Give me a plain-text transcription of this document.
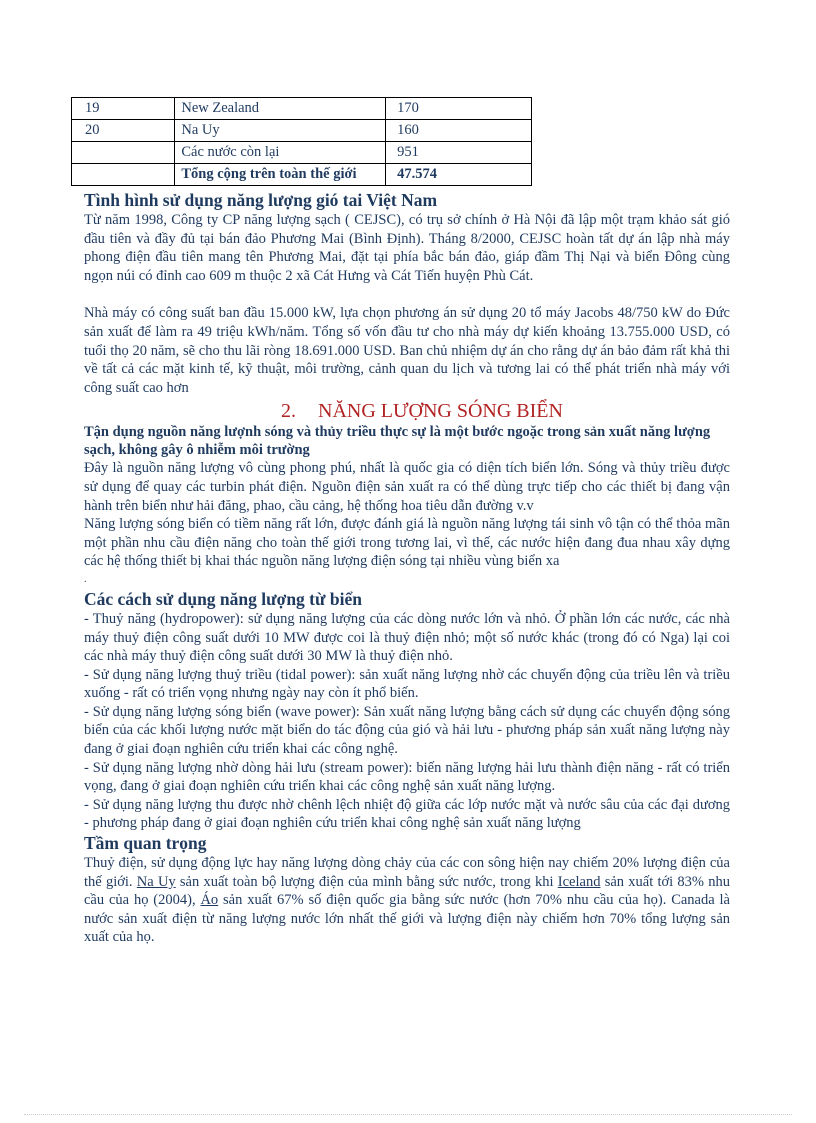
19	New Zealand	170
20	Na Uy	160
	Các nước còn lại	951
	Tổng cộng trên toàn thế giới	47.574
Tình hình sử dụng năng lượng gió tai Việt Nam

Từ năm 1998, Công ty CP năng lượng sạch ( CEJSC), có trụ sở chính ở Hà Nội đã lập một trạm khảo sát gió đầu tiên và đầy đủ tại bán đảo Phương Mai (Bình Định). Tháng 8/2000, CEJSC hoàn tất dự án lập nhà máy phong điện đầu tiên mang tên Phương Mai, đặt tại phía bắc bán đảo, giáp đầm Thị Nại và biển Đông cùng ngọn núi có đỉnh cao 609 m thuộc 2 xã Cát Hưng và Cát Tiến huyện Phù Cát.

Nhà máy có công suất ban đầu 15.000 kW, lựa chọn phương án sử dụng 20 tổ máy Jacobs 48/750 kW do Đức sản xuất để làm ra 49 triệu kWh/năm. Tổng số vốn đầu tư cho nhà máy dự kiến khoảng 13.755.000 USD, có tuổi thọ 20 năm, sẽ cho thu lãi ròng 18.691.000 USD. Ban chủ nhiệm dự án cho rằng dự án bảo đảm rất khả thi về tất cả các mặt kinh tế, kỹ thuật, môi trường, cảnh quan du lịch và tương lai có thể phát triển nhà máy với công suất cao hơn

2. NĂNG LƯỢNG SÓNG BIỂN

Tận dụng nguồn năng lượnh sóng và thủy triều thực sự là một bước ngoặc trong sản xuất năng lượng sạch, không gây ô nhiễm môi trường

Đây là nguồn năng lượng vô cùng phong phú, nhất là quốc gia có diện tích biển lớn. Sóng và thủy triều được sử dụng để quay các turbin phát điện. Nguồn điện sản xuất ra có thể dùng trực tiếp cho các thiết bị đang vận hành trên biển như hải đăng, phao, cầu cảng, hệ thống hoa tiêu dẫn đường v.v

Năng lượng sóng biển có tiềm năng rất lớn, được đánh giá là nguồn năng lượng tái sinh vô tận có thể thỏa mãn một phần nhu cầu điện năng cho toàn thế giới trong tương lai, vì thế, các nước hiện đang đua nhau xây dựng các hệ thống thiết bị khai thác nguồn năng lượng điện sóng tại nhiều vùng biển xa

.
Các cách sử dụng năng lượng từ biển

- Thuỷ năng (hydropower): sử dụng năng lượng của các dòng nước lớn và nhỏ. Ở phần lớn các nước, các nhà máy thuỷ điện công suất dưới 10 MW được coi là thuỷ điện nhỏ; một số nước khác (trong đó có Nga) lại coi các nhà máy thuỷ điện công suất dưới 30 MW là thuỷ điện nhỏ.

- Sử dụng năng lượng thuỷ triều (tidal power): sản xuất năng lượng nhờ các chuyển động của triều lên và triều xuống - rất có triển vọng nhưng ngày nay còn ít phổ biến.

- Sử dụng năng lượng sóng biển (wave power): Sản xuất năng lượng bằng cách sử dụng các chuyển động sóng biển của các khối lượng nước mặt biển do tác động của gió và hải lưu - phương pháp sản xuất năng lượng này đang ở giai đoạn nghiên cứu triển khai các công nghệ.

- Sử dụng năng lượng nhờ dòng hải lưu (stream power): biến năng lượng hải lưu thành điện năng - rất có triển vọng, đang ở giai đoạn nghiên cứu triển khai các công nghệ sản xuất năng lượng.

- Sử dụng năng lượng thu được nhờ chênh lệch nhiệt độ giữa các lớp nước mặt và nước sâu của các đại dương - phương pháp đang ở giai đoạn nghiên cứu triển khai công nghệ sản xuất năng lượng

Tầm quan trọng

Thuỷ điện, sử dụng động lực hay năng lượng dòng chảy của các con sông hiện nay chiếm 20% lượng điện của thế giới. Na Uy sản xuất toàn bộ lượng điện của mình bằng sức nước, trong khi Iceland sản xuất tới 83% nhu cầu của họ (2004), Áo sản xuất 67% số điện quốc gia bằng sức nước (hơn 70% nhu cầu của họ). Canada là nước sản xuất điện từ năng lượng nước lớn nhất thế giới và lượng điện này chiếm hơn 70% tổng lượng sản xuất của họ.
